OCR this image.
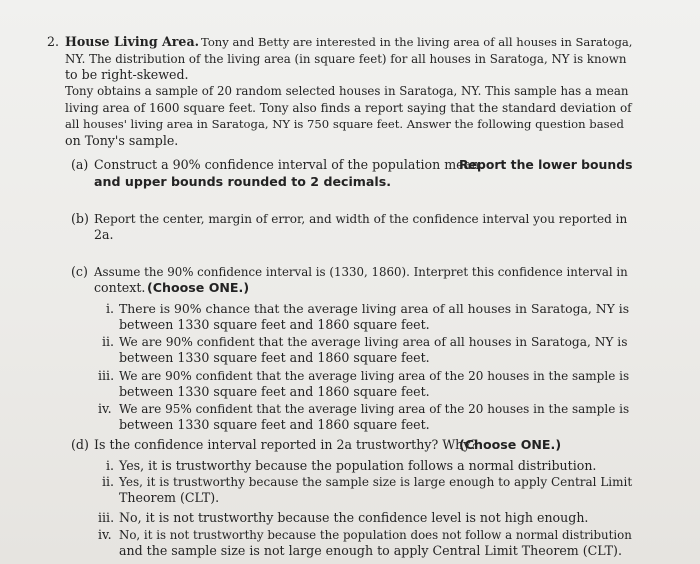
2. House Living Area. Tony and Betty are interested in the living area of all houses in Saratoga,
NY. The distribution of the living area (in square feet) for all houses in Saratoga, NY is known
to be right-skewed.
Tony obtains a sample of 20 random selected houses in Saratoga, NY. This sample has a mean
living area of 1600 square feet. Tony also finds a report saying that the standard deviation of
all houses' living area in Saratoga, NY is 750 square feet. Answer the following question based
on Tony's sample.
(a) Construct a 90% confidence interval of the population mean.
Report the lower bounds
and upper bounds rounded to 2 decimals.
(b) Report the center, margin of error, and width of the confidence interval you reported in
2a.
(c) Assume the 90% confidence interval is (1330, 1860). Interpret this confidence interval in
context. (Choose ONE.)
i. There is 90% chance that the average living area of all houses in Saratoga, NY is
between 1330 square feet and 1860 square feet.
ii. We are 90% confident that the average living area of all houses in Saratoga, NY is
between 1330 square feet and 1860 square feet.
iii. We are 90% confident that the average living area of the 20 houses in the sample is
between 1330 square feet and 1860 square feet.
iv. We are 95% confident that the average living area of the 20 houses in the sample is
between 1330 square feet and 1860 square feet.
(d) Is the confidence interval reported in 2a trustworthy? Why?
(Choose ONE.)
i. Yes, it is trustworthy because the population follows a normal distribution.
ii. Yes, it is trustworthy because the sample size is large enough to apply Central Limit
Theorem (CLT).
iii. No, it is not trustworthy because the confidence level is not high enough.
iv. No, it is not trustworthy because the population does not follow a normal distribution
and the sample size is not large enough to apply Central Limit Theorem (CLT).
